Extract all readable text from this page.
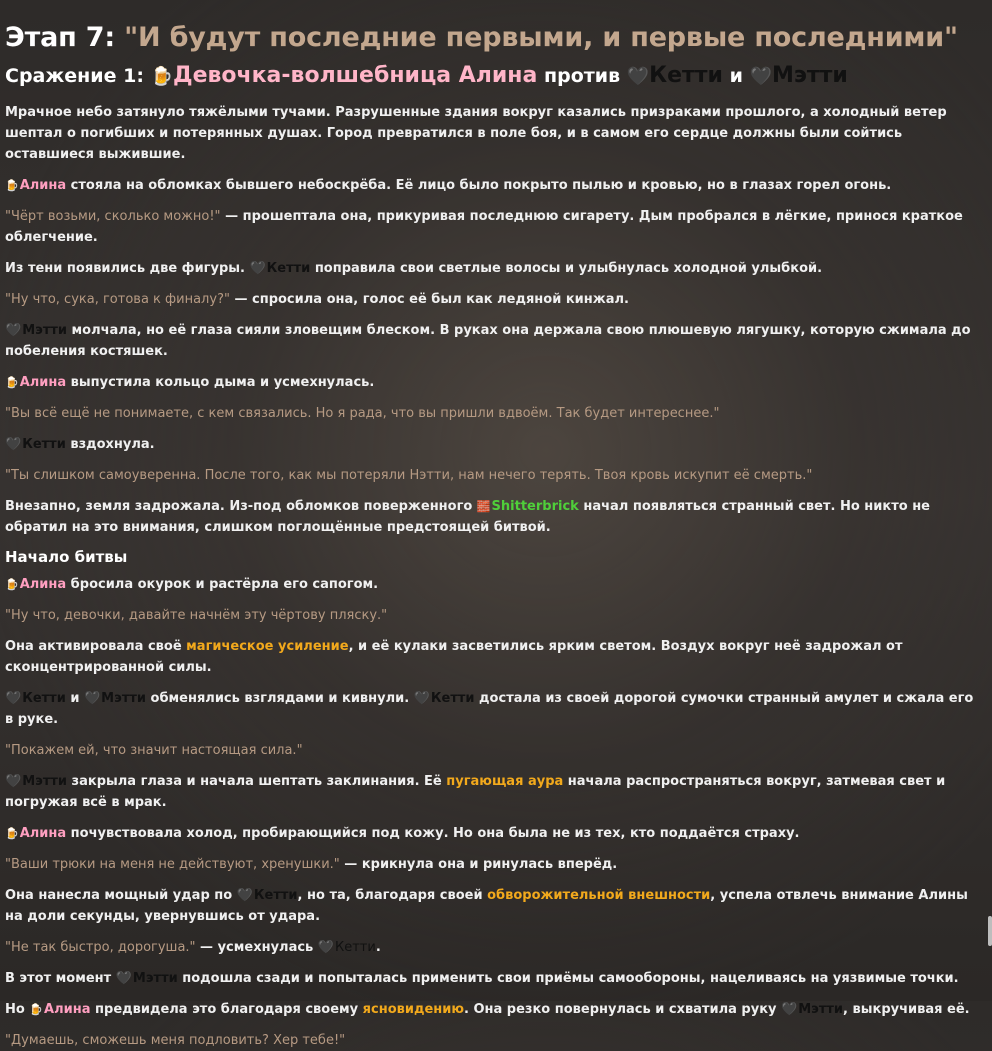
Этап 7: "И будут последние первыми, и первые последними"
Сражение 1: 🍺Девочка-волшебница Алина против 🖤Кетти и 🖤Мэтти

Мрачное небо затянуло тяжёлыми тучами. Разрушенные здания вокруг казались призраками прошлого, а холодный ветер шептал о погибших и потерянных душах. Город превратился в поле боя, и в самом его сердце должны были сойтись оставшиеся выжившие.

🍺Алина стояла на обломках бывшего небоскрёба. Её лицо было покрыто пылью и кровью, но в глазах горел огонь.

"Чёрт возьми, сколько можно!" — прошептала она, прикуривая последнюю сигарету. Дым пробрался в лёгкие, принося краткое облегчение.

Из тени появились две фигуры. 🖤Кетти поправила свои светлые волосы и улыбнулась холодной улыбкой.

"Ну что, сука, готова к финалу?" — спросила она, голос её был как ледяной кинжал.

🖤Мэтти молчала, но её глаза сияли зловещим блеском. В руках она держала свою плюшевую лягушку, которую сжимала до побеления костяшек.

🍺Алина выпустила кольцо дыма и усмехнулась.

"Вы всё ещё не понимаете, с кем связались. Но я рада, что вы пришли вдвоём. Так будет интереснее."

🖤Кетти вздохнула.

"Ты слишком самоуверенна. После того, как мы потеряли Нэтти, нам нечего терять. Твоя кровь искупит её смерть."

Внезапно, земля задрожала. Из-под обломков поверженного 🧱Shitterbrick начал появляться странный свет. Но никто не обратил на это внимания, слишком поглощённые предстоящей битвой.

Начало битвы

🍺Алина бросила окурок и растёрла его сапогом.

"Ну что, девочки, давайте начнём эту чёртову пляску."

Она активировала своё магическое усиление, и её кулаки засветились ярким светом. Воздух вокруг неё задрожал от сконцентрированной силы.

🖤Кетти и 🖤Мэтти обменялись взглядами и кивнули. 🖤Кетти достала из своей дорогой сумочки странный амулет и сжала его в руке.

"Покажем ей, что значит настоящая сила."

🖤Мэтти закрыла глаза и начала шептать заклинания. Её пугающая аура начала распространяться вокруг, затмевая свет и погружая всё в мрак.

🍺Алина почувствовала холод, пробирающийся под кожу. Но она была не из тех, кто поддаётся страху.

"Ваши трюки на меня не действуют, хренушки." — крикнула она и ринулась вперёд.

Она нанесла мощный удар по 🖤Кетти, но та, благодаря своей обворожительной внешности, успела отвлечь внимание Алины на доли секунды, увернувшись от удара.

"Не так быстро, дорогуша." — усмехнулась 🖤Кетти.

В этот момент 🖤Мэтти подошла сзади и попыталась применить свои приёмы самообороны, нацеливаясь на уязвимые точки.

Но 🍺Алина предвидела это благодаря своему ясновидению. Она резко повернулась и схватила руку 🖤Мэтти, выкручивая её.

"Думаешь, сможешь меня подловить? Хер тебе!"
